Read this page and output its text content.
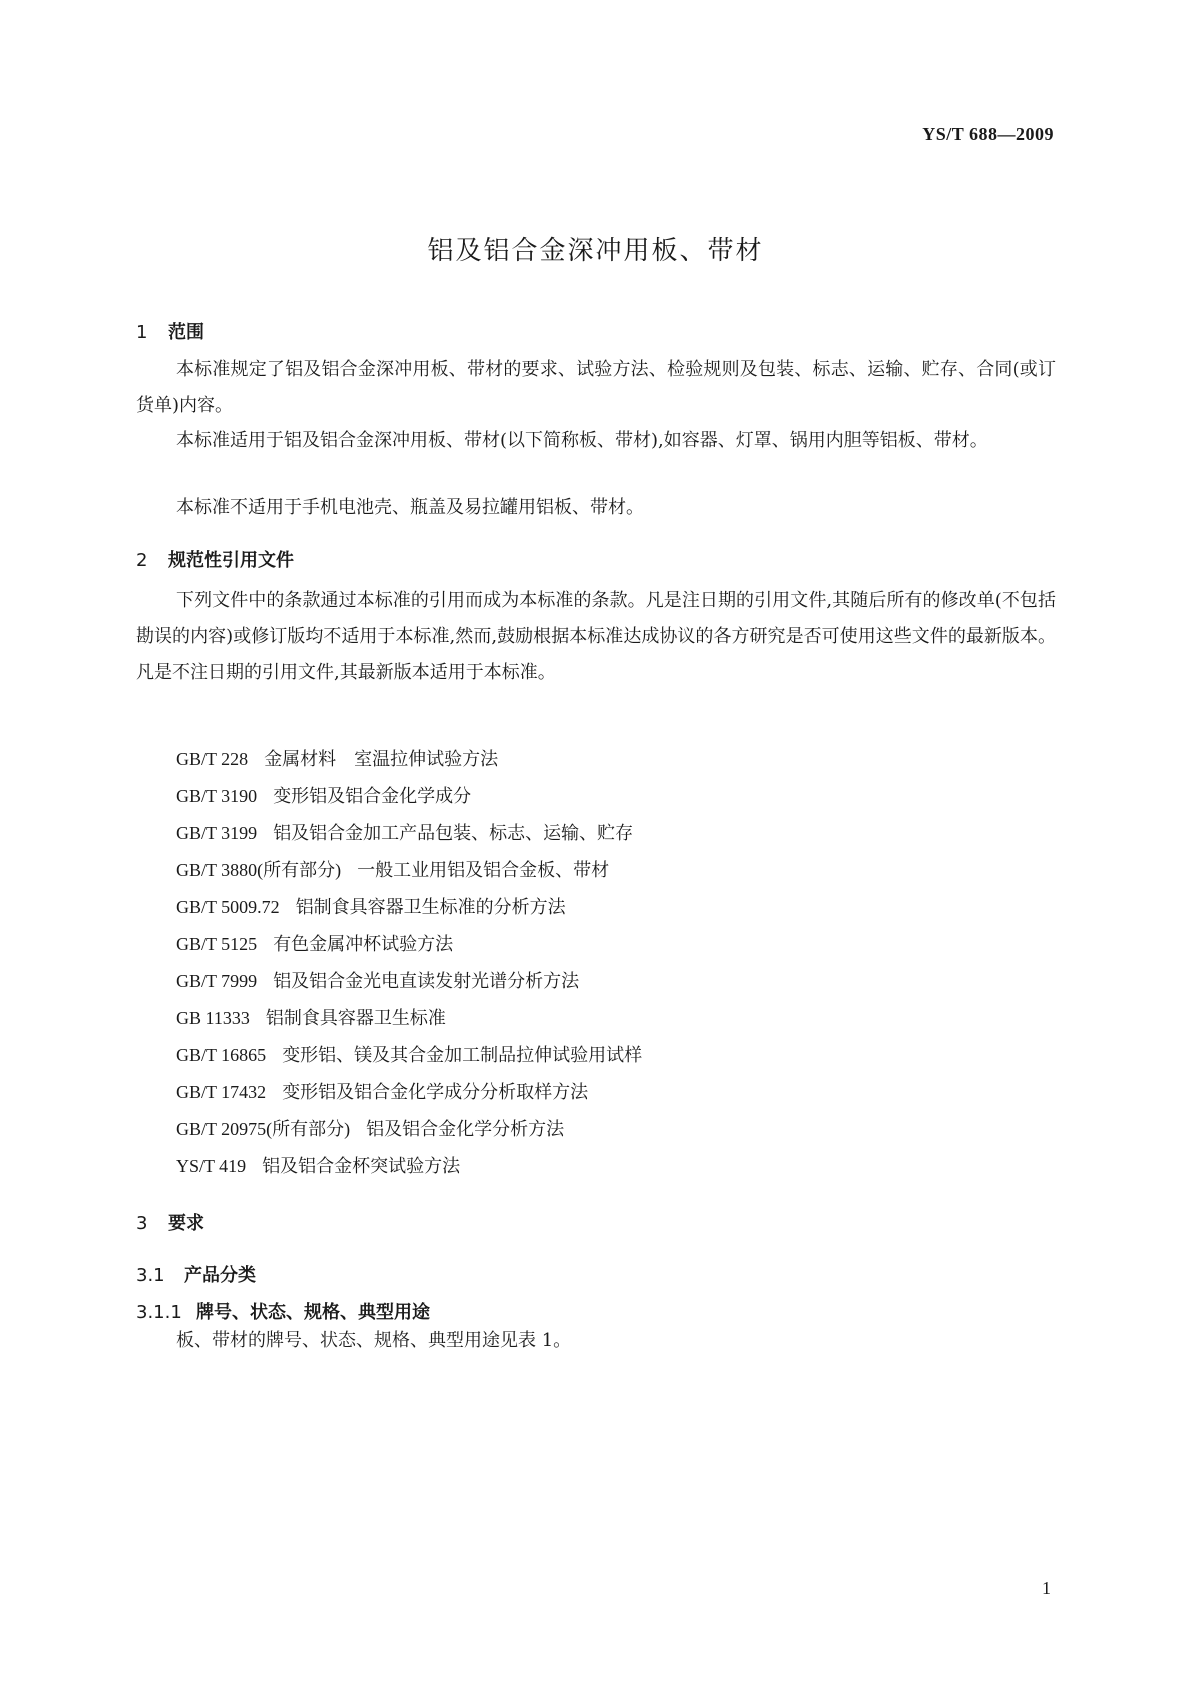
YS/T 688—2009
铝及铝合金深冲用板、带材
1 范围
本标准规定了铝及铝合金深冲用板、带材的要求、试验方法、检验规则及包装、标志、运输、贮存、合同(或订货单)内容。
本标准适用于铝及铝合金深冲用板、带材(以下简称板、带材),如容器、灯罩、锅用内胆等铝板、带材。
本标准不适用于手机电池壳、瓶盖及易拉罐用铝板、带材。
2 规范性引用文件
下列文件中的条款通过本标准的引用而成为本标准的条款。凡是注日期的引用文件,其随后所有的修改单(不包括勘误的内容)或修订版均不适用于本标准,然而,鼓励根据本标准达成协议的各方研究是否可使用这些文件的最新版本。凡是不注日期的引用文件,其最新版本适用于本标准。
GB/T 228 金属材料　室温拉伸试验方法
GB/T 3190 变形铝及铝合金化学成分
GB/T 3199 铝及铝合金加工产品包装、标志、运输、贮存
GB/T 3880(所有部分) 一般工业用铝及铝合金板、带材
GB/T 5009.72 铝制食具容器卫生标准的分析方法
GB/T 5125 有色金属冲杯试验方法
GB/T 7999 铝及铝合金光电直读发射光谱分析方法
GB 11333 铝制食具容器卫生标准
GB/T 16865 变形铝、镁及其合金加工制品拉伸试验用试样
GB/T 17432 变形铝及铝合金化学成分分析取样方法
GB/T 20975(所有部分) 铝及铝合金化学分析方法
YS/T 419 铝及铝合金杯突试验方法
3 要求
3.1 产品分类
3.1.1 牌号、状态、规格、典型用途
板、带材的牌号、状态、规格、典型用途见表 1。
1
